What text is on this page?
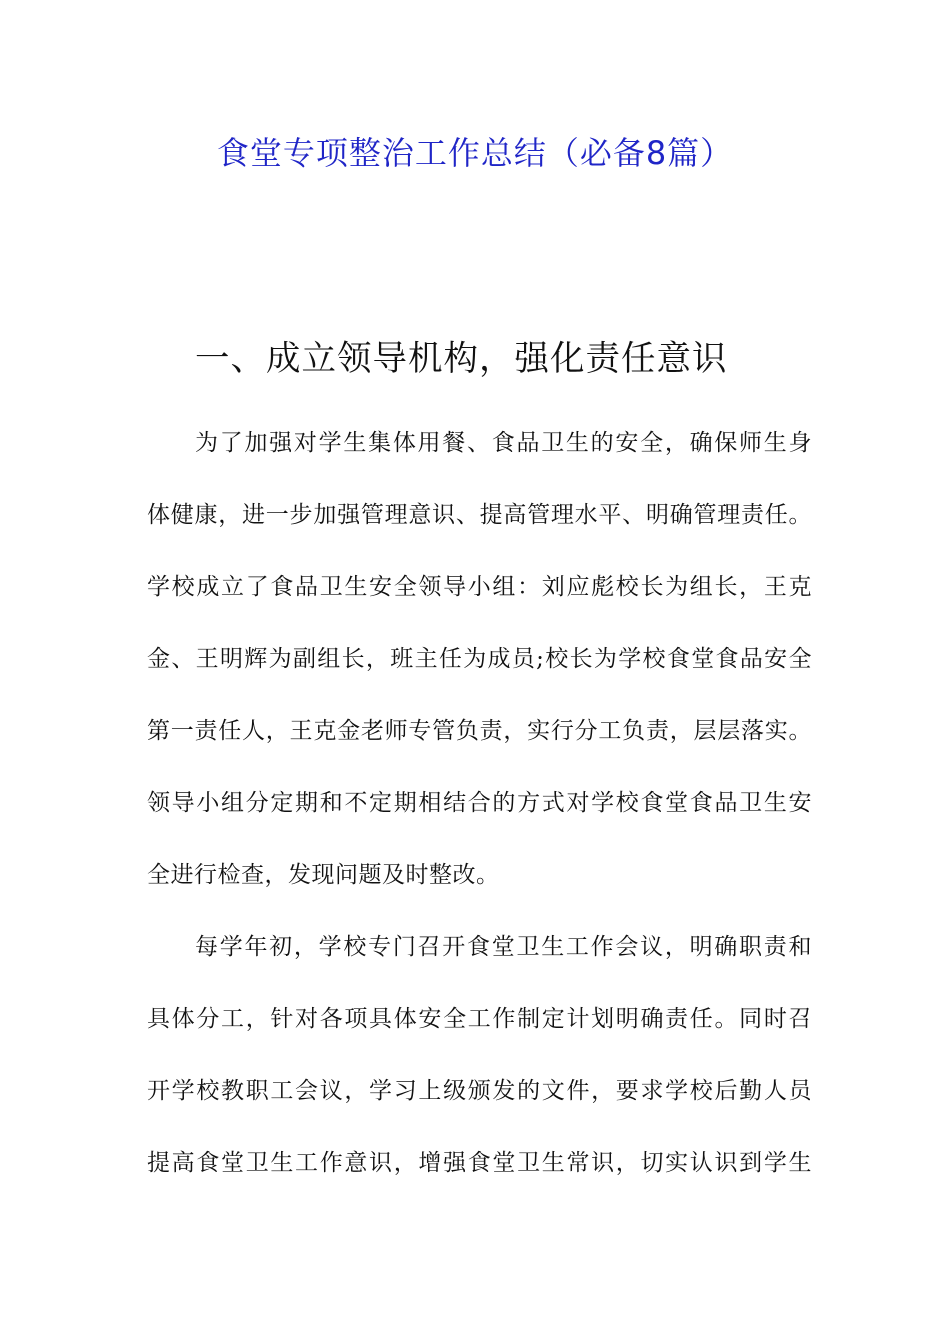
食堂专项整治工作总结（必备8篇）
一、成立领导机构，强化责任意识
为了加强对学生集体用餐、食品卫生的安全，确保师生身
体健康，进一步加强管理意识、提高管理水平、明确管理责任。
学校成立了食品卫生安全领导小组：刘应彪校长为组长，王克
金、王明辉为副组长，班主任为成员;校长为学校食堂食品安全
第一责任人，王克金老师专管负责，实行分工负责，层层落实。
领导小组分定期和不定期相结合的方式对学校食堂食品卫生安
全进行检查，发现问题及时整改。
每学年初，学校专门召开食堂卫生工作会议，明确职责和
具体分工，针对各项具体安全工作制定计划明确责任。同时召
开学校教职工会议，学习上级颁发的文件，要求学校后勤人员
提高食堂卫生工作意识，增强食堂卫生常识，切实认识到学生
